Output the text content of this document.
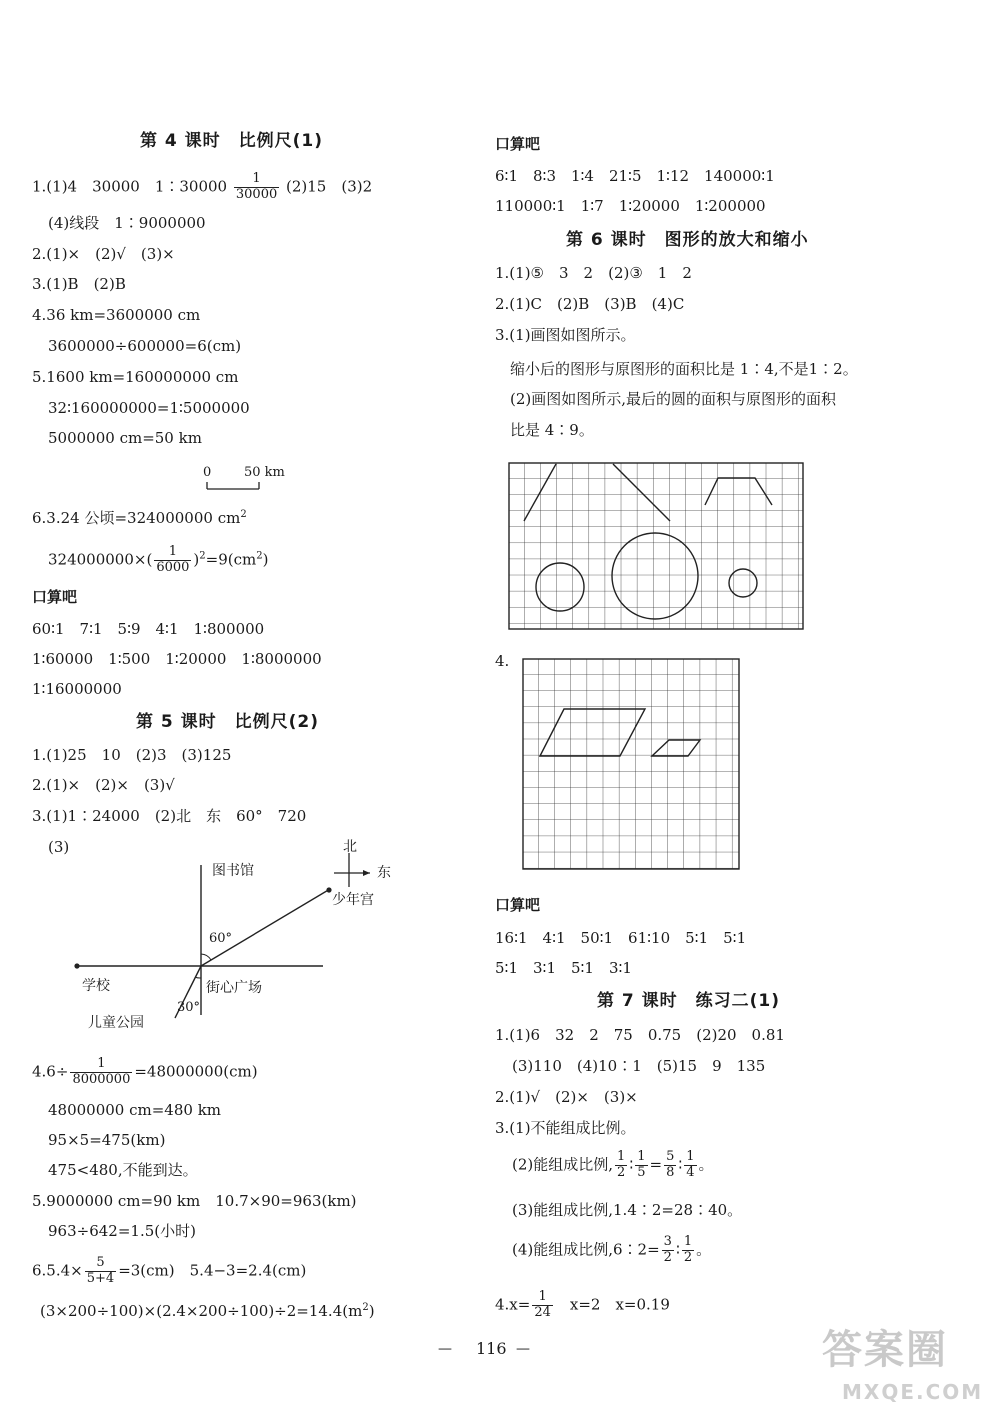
第 4 课时　比例尺(1)
1.(1)4　30000　1∶30000 $\frac{1}{30000} (2)15$　(3)2
(4)线段　1∶9000000
2.(1)×　(2)√　(3)×
3.(1)B　(2)B
4.36 km=3600000 cm
3600000÷600000=6(cm)
5.1600 km=160000000 cm
32∶160000000=1∶5000000
5000000 cm=50 km
0	50 km
6.3.24 公顷=324000000 $cm^2$
$324000000\times( \frac{1}{6000} )^2=9(cm^2)$
口算吧
60∶1　7∶1　5∶9　4∶1　1∶800000
1∶60000　1∶500　1∶20000　1∶8000000
1∶16000000
第 5 课时　比例尺(2)
1.(1)25　10　(2)3　(3)125
2.(1)×　(2)×　(3)√
3.(1)1∶24000　(2)北　东　60°　720
(3)	北
东
图书馆
少年宫
60°
学校	街心广场
30°
儿童公园
$4.6\div \frac{1}{8000000} =48000000(cm)$
48000000 cm=480 km
95×5=475(km)
475<480,不能到达。
5.9000000 cm=90 km　10.7×90=963(km)
963÷642=1.5(小时)
$6.5.4\times \frac{5}{5+4} =3(cm)$　5.4−3=2.4(cm)
$(3\times 200\div 100)\times(2.4\times 200\div 100)\div 2=14.4(m^2)$
口算吧
6∶1　8∶3　1∶4　21∶5　1∶12　140000∶1
110000∶1　1∶7　1∶20000　1∶200000
第 6 课时　图形的放大和缩小
1.(1)⑤　3　2　(2)③　1　2
2.(1)C　(2)B　(3)B　(4)C
3.(1)画图如图所示。
缩小后的图形与原图形的面积比是 1∶4,不是1∶2。
(2)画图如图所示,最后的圆的面积与原图形的面积
比是 4∶9。
4.
口算吧
16∶1　4∶1　50∶1　61∶10　5∶1　5∶1
5∶1　3∶1　5∶1　3∶1
第 7 课时　练习二(1)
1.(1)6　32　2　75　0.75　(2)20　0.81
(3)110　(4)10∶1　(5)15　9　135
2.(1)√　(2)×　(3)×
3.(1)不能组成比例。
(2)能组成比例, $\frac{1}{2}$ ∶ $\frac{1}{5} = \frac{5}{8}$ ∶ $\frac{1}{4}$ 。
(3)能组成比例,1.4∶2=28∶40。
(4)能组成比例,6∶2= $\frac{3}{2}$ ∶ $\frac{1}{2}$ 。
$4.x= \frac{1}{24}$ 　x=2　x=0.19
— 116 —	答案圈
MXQE.COM
